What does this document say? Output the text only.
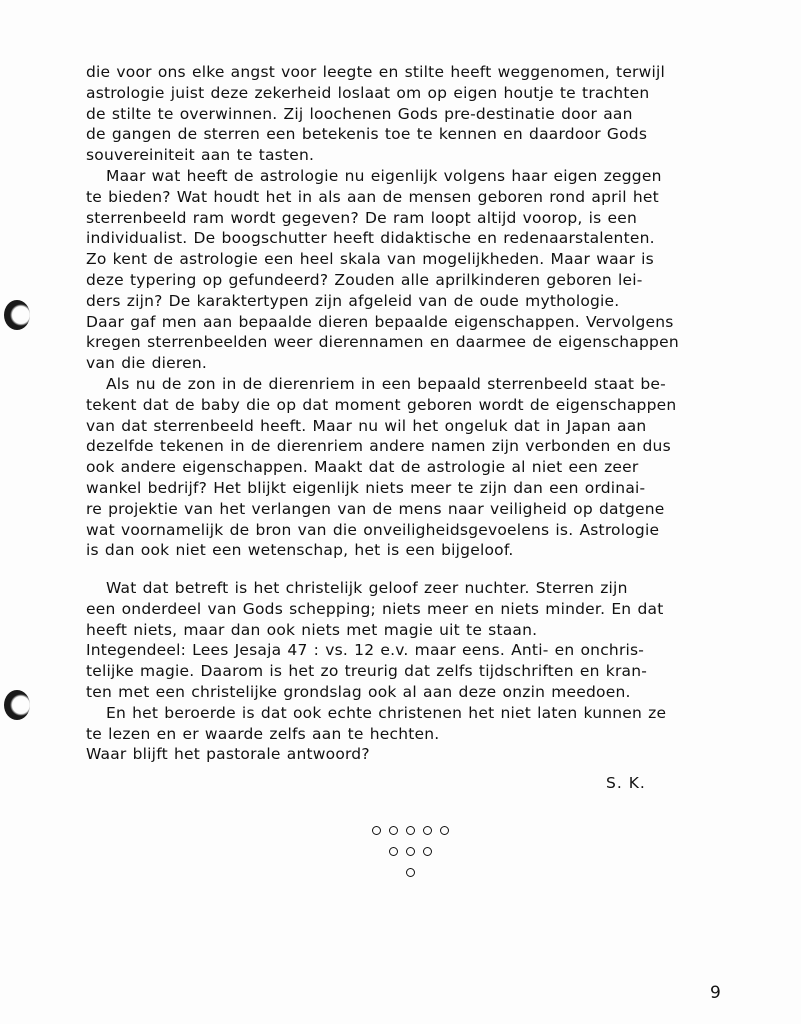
die voor ons elke angst voor leegte en stilte heeft weggenomen, terwijl
astrologie juist deze zekerheid loslaat om op eigen houtje te trachten
de stilte te overwinnen. Zij loochenen Gods pre-destinatie door aan
de gangen de sterren een betekenis toe te kennen en daardoor Gods
souvereiniteit aan te tasten.
Maar wat heeft de astrologie nu eigenlijk volgens haar eigen zeggen
te bieden? Wat houdt het in als aan de mensen geboren rond april het
sterrenbeeld ram wordt gegeven? De ram loopt altijd voorop, is een
individualist. De boogschutter heeft didaktische en redenaarstalenten.
Zo kent de astrologie een heel skala van mogelijkheden. Maar waar is
deze typering op gefundeerd? Zouden alle aprilkinderen geboren lei-
ders zijn? De karaktertypen zijn afgeleid van de oude mythologie.
Daar gaf men aan bepaalde dieren bepaalde eigenschappen. Vervolgens
kregen sterrenbeelden weer dierennamen en daarmee de eigenschappen
van die dieren.
Als nu de zon in de dierenriem in een bepaald sterrenbeeld staat be-
tekent dat de baby die op dat moment geboren wordt de eigenschappen
van dat sterrenbeeld heeft. Maar nu wil het ongeluk dat in Japan aan
dezelfde tekenen in de dierenriem andere namen zijn verbonden en dus
ook andere eigenschappen. Maakt dat de astrologie al niet een zeer
wankel bedrijf? Het blijkt eigenlijk niets meer te zijn dan een ordinai-
re projektie van het verlangen van de mens naar veiligheid op datgene
wat voornamelijk de bron van die onveiligheidsgevoelens is. Astrologie
is dan ook niet een wetenschap, het is een bijgeloof.
Wat dat betreft is het christelijk geloof zeer nuchter. Sterren zijn
een onderdeel van Gods schepping; niets meer en niets minder. En dat
heeft niets, maar dan ook niets met magie uit te staan.
Integendeel: Lees Jesaja 47 : vs. 12 e.v. maar eens. Anti- en onchris-
telijke magie. Daarom is het zo treurig dat zelfs tijdschriften en kran-
ten met een christelijke grondslag ook al aan deze onzin meedoen.
En het beroerde is dat ook echte christenen het niet laten kunnen ze
te lezen en er waarde zelfs aan te hechten.
Waar blijft het pastorale antwoord?
S. K.
9
